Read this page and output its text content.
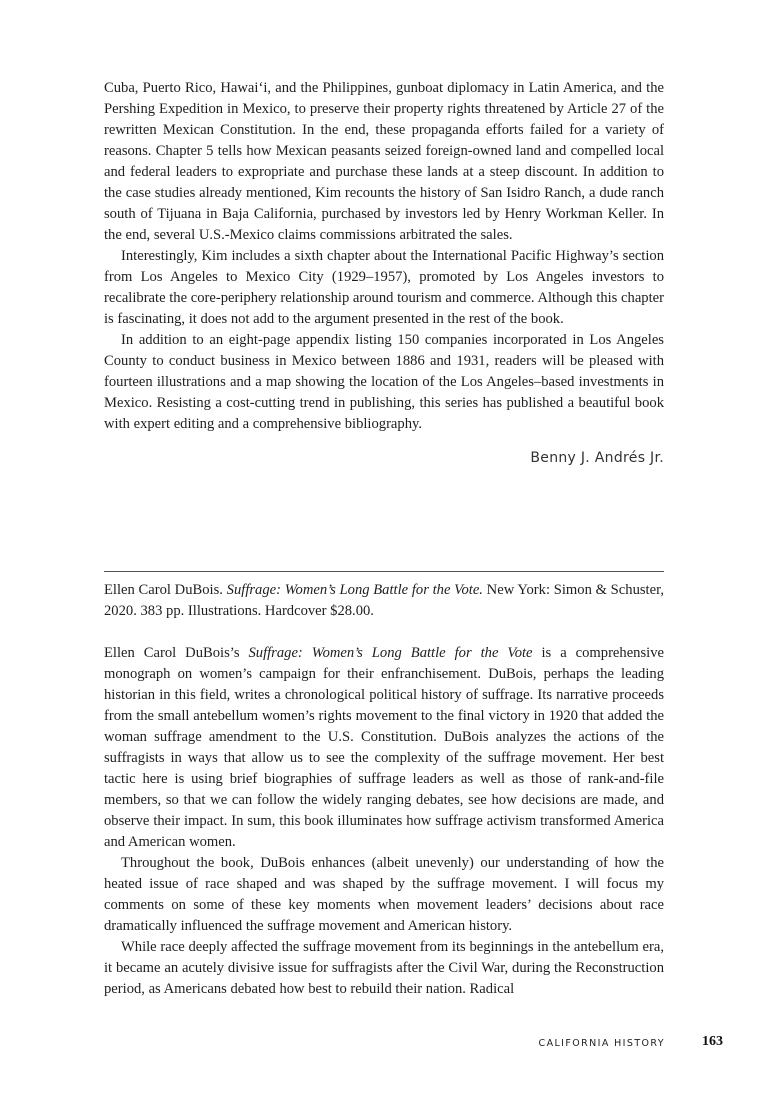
Cuba, Puerto Rico, Hawaiʻi, and the Philippines, gunboat diplomacy in Latin America, and the Pershing Expedition in Mexico, to preserve their property rights threatened by Article 27 of the rewritten Mexican Constitution. In the end, these propaganda efforts failed for a variety of reasons. Chapter 5 tells how Mexican peasants seized foreign-owned land and compelled local and federal leaders to expropriate and purchase these lands at a steep discount. In addition to the case studies already mentioned, Kim recounts the history of San Isidro Ranch, a dude ranch south of Tijuana in Baja California, purchased by investors led by Henry Workman Keller. In the end, several U.S.-Mexico claims commissions arbitrated the sales.

Interestingly, Kim includes a sixth chapter about the International Pacific Highway’s section from Los Angeles to Mexico City (1929–1957), promoted by Los Angeles investors to recalibrate the core-periphery relationship around tourism and commerce. Although this chapter is fascinating, it does not add to the argument presented in the rest of the book.

In addition to an eight-page appendix listing 150 companies incorporated in Los Angeles County to conduct business in Mexico between 1886 and 1931, readers will be pleased with fourteen illustrations and a map showing the location of the Los Angeles–based investments in Mexico. Resisting a cost-cutting trend in publishing, this series has published a beautiful book with expert editing and a comprehensive bibliography.

Benny J. Andrés Jr.

Ellen Carol DuBois. Suffrage: Women’s Long Battle for the Vote. New York: Simon & Schuster, 2020. 383 pp. Illustrations. Hardcover $28.00.

Ellen Carol DuBois’s Suffrage: Women’s Long Battle for the Vote is a comprehensive monograph on women’s campaign for their enfranchisement. DuBois, perhaps the leading historian in this field, writes a chronological political history of suffrage. Its narrative proceeds from the small antebellum women’s rights movement to the final victory in 1920 that added the woman suffrage amendment to the U.S. Constitution. DuBois analyzes the actions of the suffragists in ways that allow us to see the complexity of the suffrage movement. Her best tactic here is using brief biographies of suffrage leaders as well as those of rank-and-file members, so that we can follow the widely ranging debates, see how decisions are made, and observe their impact. In sum, this book illuminates how suffrage activism transformed America and American women.

Throughout the book, DuBois enhances (albeit unevenly) our understanding of how the heated issue of race shaped and was shaped by the suffrage movement. I will focus my comments on some of these key moments when movement leaders’ decisions about race dramatically influenced the suffrage movement and American history.

While race deeply affected the suffrage movement from its beginnings in the antebellum era, it became an acutely divisive issue for suffragists after the Civil War, during the Reconstruction period, as Americans debated how best to rebuild their nation. Radical

CALIFORNIA HISTORY	163
